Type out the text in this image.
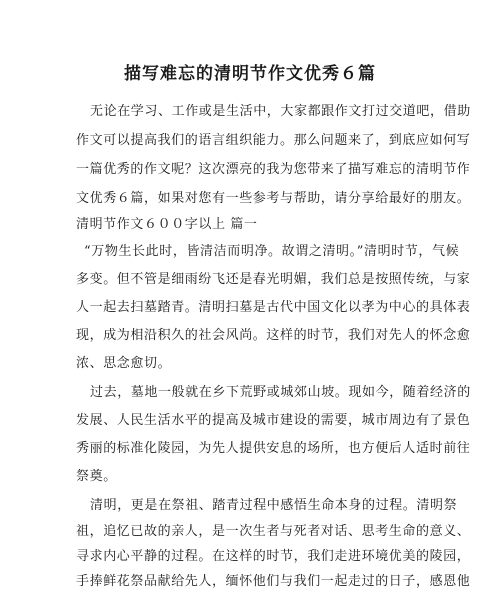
描写难忘的清明节作文优秀６篇
无论在学习、工作或是生活中，大家都跟作文打过交道吧，借助
作文可以提高我们的语言组织能力。那么问题来了，到底应如何写
一篇优秀的作文呢？这次漂亮的我为您带来了描写难忘的清明节作
文优秀６篇，如果对您有一些参考与帮助，请分享给最好的朋友。
清明节作文６００字以上 篇一
“万物生长此时，皆清洁而明净。故谓之清明。”清明时节，气候
多变。但不管是细雨纷飞还是春光明媚，我们总是按照传统，与家
人一起去扫墓踏青。清明扫墓是古代中国文化以孝为中心的具体表
现，成为相沿积久的社会风尚。这样的时节，我们对先人的怀念愈
浓、思念愈切。
过去，墓地一般就在乡下荒野或城郊山坡。现如今，随着经济的
发展、人民生活水平的提高及城市建设的需要，城市周边有了景色
秀丽的标准化陵园，为先人提供安息的场所，也方便后人适时前往
祭奠。
清明，更是在祭祖、踏青过程中感悟生命本身的过程。清明祭
祖，追忆已故的亲人，是一次生者与死者对话、思考生命的意义、
寻求内心平静的过程。在这样的时节，我们走进环境优美的陵园，
手捧鲜花祭品献给先人，缅怀他们与我们一起走过的日子，感恩他
